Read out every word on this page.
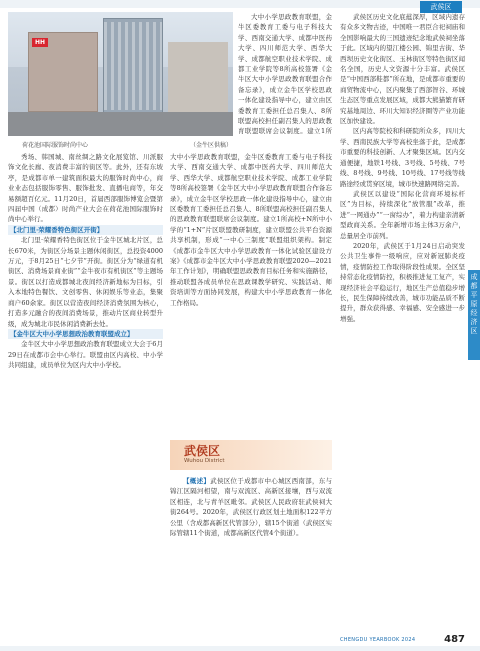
武侯区
HH
荷花池国际服饰时尚中心	（金牛区供稿）

秀场、韩国城、南丝绸之路文化展览馆、川派服饰文化长廊、夜消费丰富的街区等。此外，还有东坡亭，是成都市单一建筑面积最大的服饰时尚中心，商业业态包括服饰零售、服饰批发、直播电商等，年交易额超百亿元。11月20日，首届西部服饰博览会暨第四届中国（成都）时尚产业大会在荷花池国际服饰时尚中心举行。

【北门里·荣耀香特色街区开街】

北门里·荣耀香特色街区位于金牛区城北片区，总长670米，为街区分场景主题休闲街区，总投资4000万元，于8月25日“七夕节”开街。街区分为“绿道有机街区、消费场景商业街”“金牛夜市有机街区”等主题场景。街区以打造成都城北夜间经济新地标为目标，引入本地特色餐饮、文创零售、休闲娱乐等业态，集聚商户60余家。街区以营造夜间经济消费氛围为核心，打造多元融合的夜间消费场景，推动片区商业转型升级，成为城北市民休闲消费新去处。

【金牛区大中小学思想政治教育联盟成立】

金牛区大中小学思想政治教育联盟成立大会于6月29日在成都市会中心举行。联盟由区内高校、中小学共同组建，成员单位为区内大中小学校。

大中小学思政教育联盟，金牛区委教育工委与电子科技大学、西南交通大学、成都中医药大学、四川师范大学、西华大学、成都航空职业技术学院、成都工业学院等8所高校签署《金牛区大中小学思政教育联盟合作备忘录》，成立金牛区学校思政一体化建设指导中心，建立由区委教育工委担任总召集人、8所联盟高校担任副召集人的思政教育联盟联席会议制度。建立1所

大中小学思政教育联盟，金牛区委教育工委与电子科技大学、西南交通大学、成都中医药大学、四川师范大学、西华大学、成都航空职业技术学院、成都工业学院等8所高校签署《金牛区大中小学思政教育联盟合作备忘录》，成立金牛区学校思政一体化建设指导中心，建立由区委教育工委担任总召集人、8所联盟高校担任副召集人的思政教育联盟联席会议制度。建立1所高校+N所中小学的“1+N”片区联盟教研制度，建立联盟公共平台资源共享机制，形成“一中心三制度”联盟组织架构。制定《成都市金牛区大中小学思政教育一体化试验区建设方案》《成都市金牛区大中小学思政教育联盟2020—2021年工作计划》，明确联盟思政教育目标任务和实施路径，推动联盟各成员单位在思政课教学研究、实践活动、师资培训等方面协同发展，构建大中小学思政教育一体化工作格局。

武侯区
Wuhou District

【概述】武侯区位于成都市中心城区西南部，东与锦江区隔河相望，南与双流区、高新区接壤，西与双流区相连，北与青羊区毗邻。武侯区人民政府驻武侯祠大街264号。2020年，武侯区行政区划土地面积122平方公里（含成都高新区代管部分），辖15个街道（武侯区实际管辖11个街道，成都高新区代管4个街道）。

武侯区历史文化底蕴深厚，区域内遗存有众多文物古迹，中国唯一君臣合祀祠庙和全国影响最大的三国遗迹纪念地武侯祠坐落于此。区域内的望江楼公园、锦里古街、华西坝历史文化街区、玉林街区等特色街区闻名全国，历史人文资源十分丰富。武侯区是“中国西部鞋都”所在地，是成都市重要的商贸物流中心，区内聚集了西部智谷、环城生态区等重点发展区域，成都大熊猫繁育研究基地周边、环川大知识经济圈等产业功能区加快建设。

区内高等院校和科研院所众多，四川大学、西南民族大学等高校坐落于此，是成都市重要的科技创新、人才聚集区域。区内交通便捷，地铁1号线、3号线、5号线、7号线、8号线、9号线、10号线、17号线等线路途经或贯穿区境，城市快速路网络完善。

武侯区以建设“国际化营商环境标杆区”为目标，持续深化“放管服”改革，推进“一网通办”“一窗综办”，着力构建亲清新型政商关系。全年新增市场主体3万余户，总量居全市前列。

2020年，武侯区于1月24日启动突发公共卫生事件一级响应，应对新冠肺炎疫情，疫情防控工作取得阶段性成果。全区坚持常态化疫情防控，积极推进复工复产，实现经济社会平稳运行，地区生产总值稳步增长，民生保障持续改善，城市功能品质不断提升，群众获得感、幸福感、安全感进一步增强。

成都平原经济区
CHENGDU YEARBOOK 2024	487
